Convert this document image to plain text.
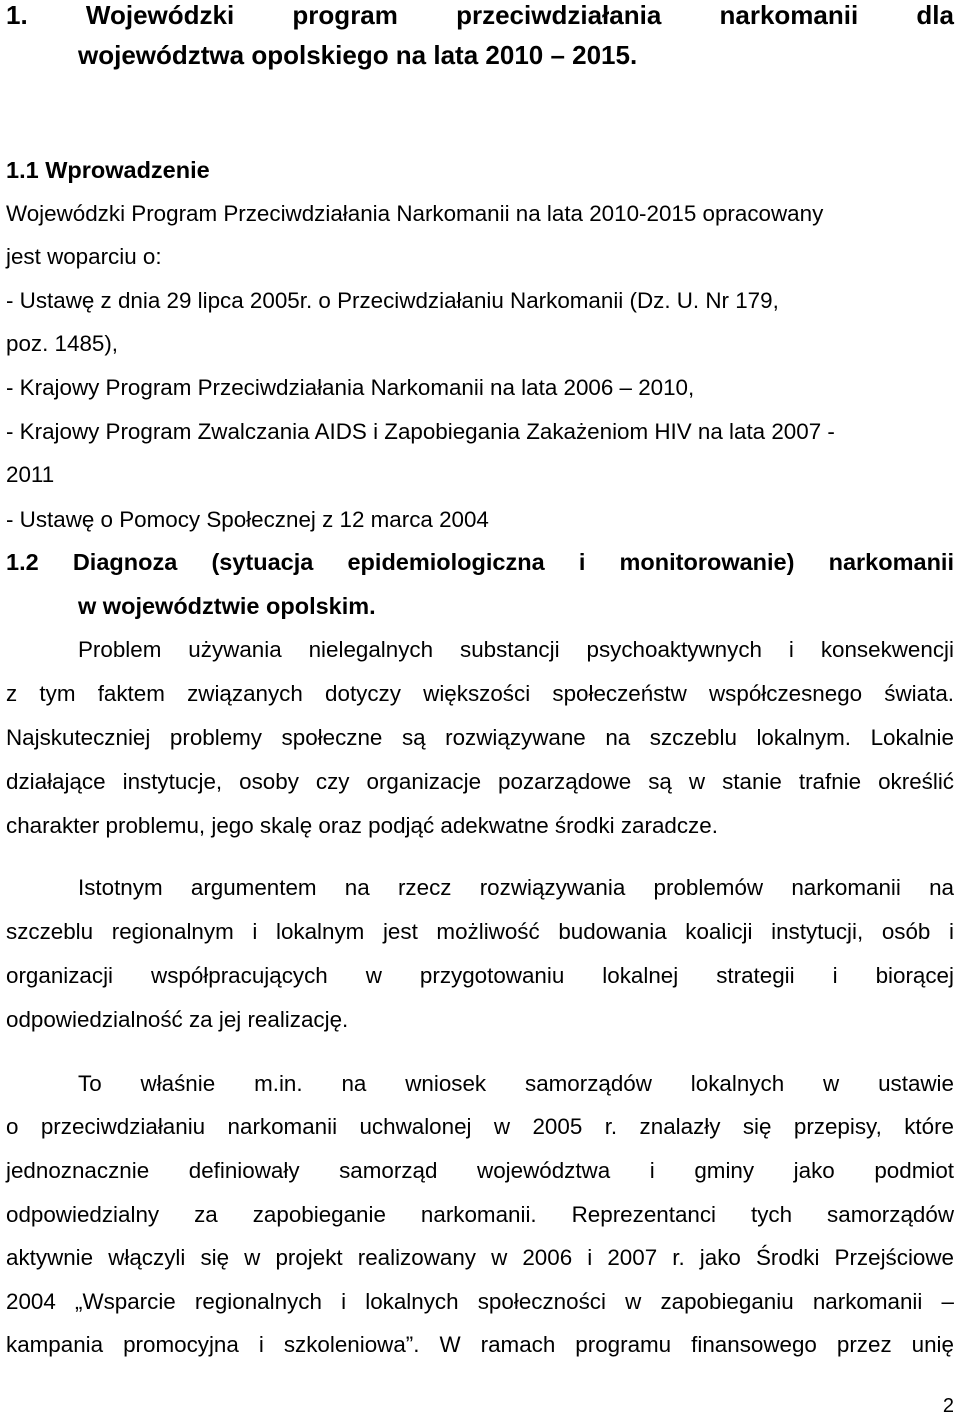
1. Wojewódzki program przeciwdziałania narkomanii dla

województwa opolskiego na lata 2010 – 2015.

1.1 Wprowadzenie

Wojewódzki Program Przeciwdziałania Narkomanii na lata 2010-2015 opracowany

jest woparciu o:

- Ustawę z dnia 29 lipca 2005r. o Przeciwdziałaniu Narkomanii (Dz. U. Nr 179,

poz. 1485),

- Krajowy Program Przeciwdziałania Narkomanii na lata 2006 – 2010,

- Krajowy Program Zwalczania AIDS i Zapobiegania Zakażeniom HIV na lata 2007 -

2011

- Ustawę o Pomocy Społecznej z 12 marca 2004

1.2 Diagnoza (sytuacja epidemiologiczna i monitorowanie) narkomanii

w województwie opolskim.

Problem używania nielegalnych substancji psychoaktywnych i konsekwencji

z tym faktem związanych dotyczy większości społeczeństw współczesnego świata.

Najskuteczniej problemy społeczne są rozwiązywane na szczeblu lokalnym. Lokalnie

działające instytucje, osoby czy organizacje pozarządowe są w stanie trafnie określić

charakter problemu, jego skalę oraz podjąć adekwatne środki zaradcze.

Istotnym argumentem na rzecz rozwiązywania problemów narkomanii na

szczeblu regionalnym i lokalnym jest możliwość budowania koalicji instytucji, osób i

organizacji współpracujących w przygotowaniu lokalnej strategii i biorącej

odpowiedzialność za jej realizację.

To właśnie m.in. na wniosek samorządów lokalnych w ustawie

o przeciwdziałaniu narkomanii uchwalonej w 2005 r. znalazły się przepisy, które

jednoznacznie definiowały samorząd województwa i gminy jako podmiot

odpowiedzialny za zapobieganie narkomanii. Reprezentanci tych samorządów

aktywnie włączyli się w projekt realizowany w 2006 i 2007 r. jako Środki Przejściowe

2004 „Wsparcie regionalnych i lokalnych społeczności w zapobieganiu narkomanii –

kampania promocyjna i szkoleniowa”. W ramach programu finansowego przez unię

2
